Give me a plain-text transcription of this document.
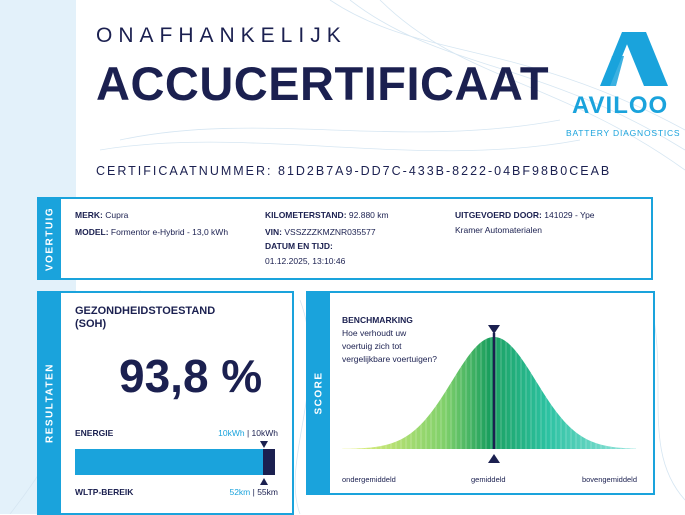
ONAFHANKELIJK
ACCUCERTIFICAAT AVILOO
BATTERY DIAGNOSTICS
CERTIFICAATNUMMER: 81D2B7A9-DD7C-433B-8222-04BF98B0CEAB
VOERTUIG MERK: Cupra
MODEL: Formentor e-Hybrid - 13,0 kWh
KILOMETERSTAND: 92.880 km
VIN: VSSZZZKMZNR035577
DATUM EN TIJD:
01.12.2025, 13:10:46
UITGEVOERD DOOR: 141029 - Ype
Kramer Automaterialen
RESULTATEN
GEZONDHEIDSTOESTAND
(SOH)
93,8 %
ENERGIE	10kWh | 10kWh
WLTP-BEREIK	52km | 55km
SCORE
BENCHMARKING
Hoe verhoudt uw
voertuig zich tot
vergelijkbare voertuigen?
ondergemiddeld	gemiddeld	bovengemiddeld
